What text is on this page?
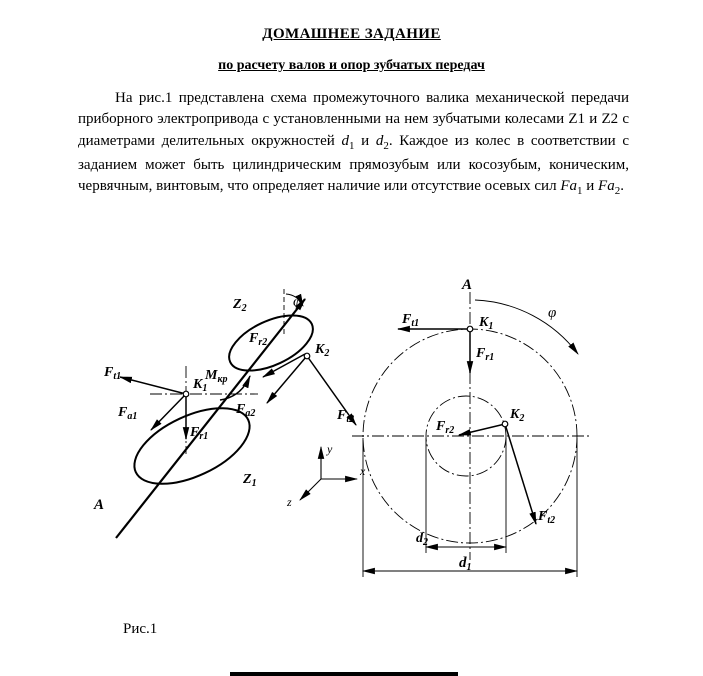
ДОМАШНЕЕ ЗАДАНИЕ
по расчету валов и опор зубчатых передач

На рис.1 представлена схема промежуточного валика механической передачи приборного электропривода с установленными на нем зубчатыми колесами Z1 и Z2 с диаметрами делительных окружностей $d_1$ и $d_2$. Каждое из колес в соответствии с заданием может быть цилиндрическим прямозубым или косозубым, коническим, червячным, винтовым, что определяет наличие или отсутствие осевых сил $Fа_1$ и $Fа_2$.

y
x
z
$Z_2$	φ
$M_{кр}$
$K_1$
$F_{t1}$
$F_{a1}$
$F_{r1}$
$F_{r2}$
$F_{a2}$
$K_2$
$F_{t2}$
$Z_1$
A
$d_2$
$d_1$
A
φ
$F_{t1}$	$K_1$
$F_{r1}$
$K_2$
$F_{r2}$
$F_{t2}$
Рис.1
